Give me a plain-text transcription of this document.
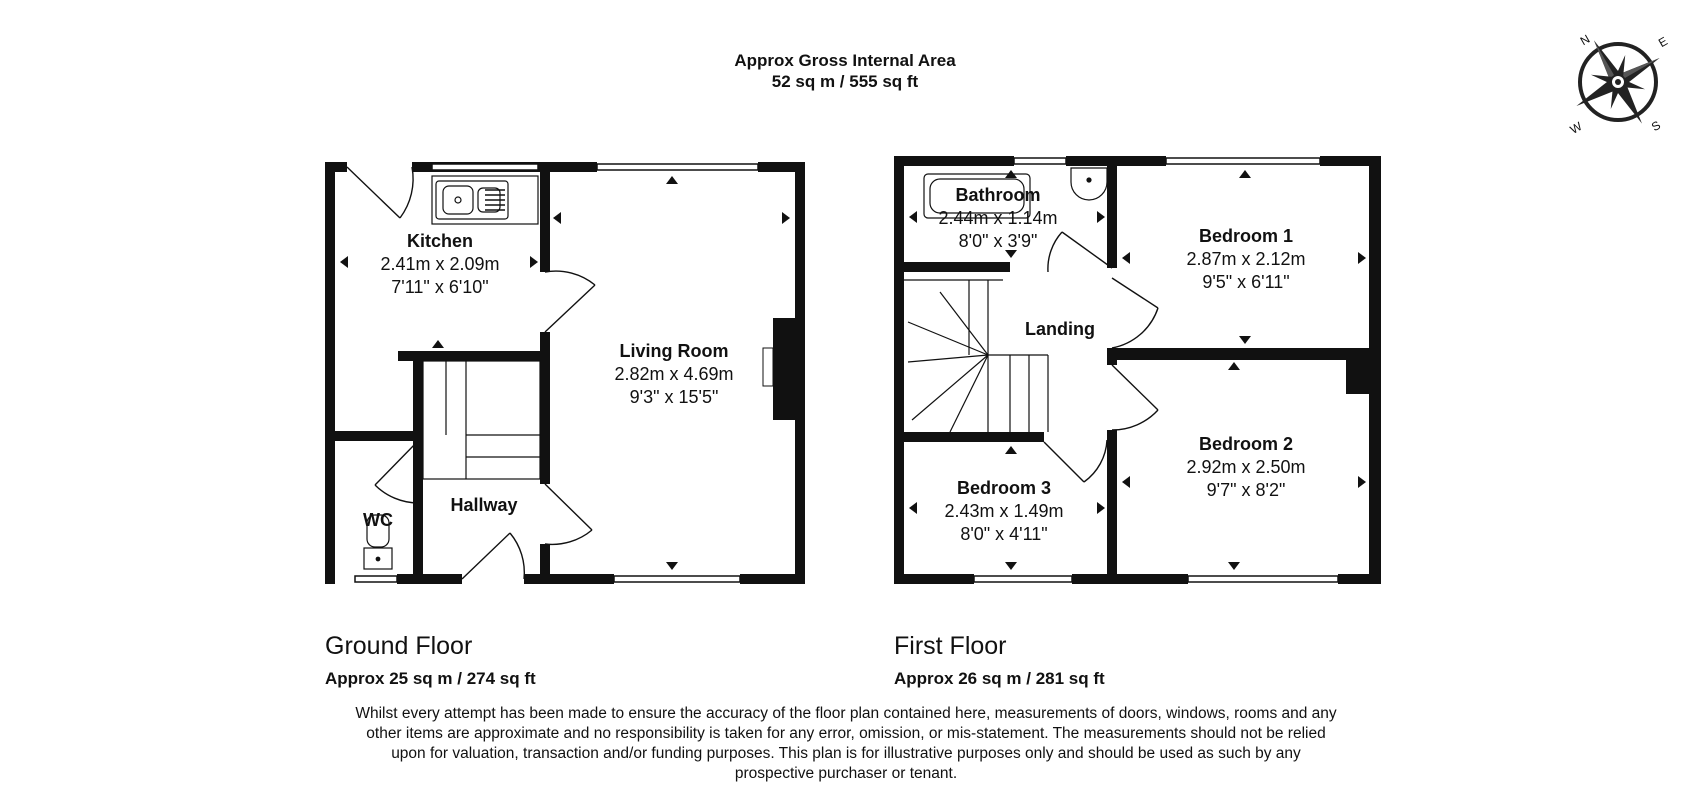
Approx Gross Internal Area
52 sq m / 555 sq ft
Kitchen
2.41m x 2.09m
7'11" x 6'10"
Living Room
2.82m x 4.69m
9'3" x 15'5"
Hallway
WC
Bathroom
2.44m x 1.14m
8'0" x 3'9"	Bedroom 1
2.87m x 2.12m
9'5" x 6'11"
Landing
Bedroom 2
2.92m x 2.50m
9'7" x 8'2"
Bedroom 3
2.43m x 1.49m
8'0" x 4'11"
N	E
S
W
Ground Floor
Approx 25 sq m / 274 sq ft
First Floor
Approx 26 sq m / 281 sq ft
Whilst every attempt has been made to ensure the accuracy of the floor plan contained here, measurements of doors, windows, rooms and any other items are approximate and no responsibility is taken for any error, omission, or mis-statement. The measurements should not be relied upon for valuation, transaction and/or funding purposes. This plan is for illustrative purposes only and should be used as such by any prospective purchaser or tenant.
